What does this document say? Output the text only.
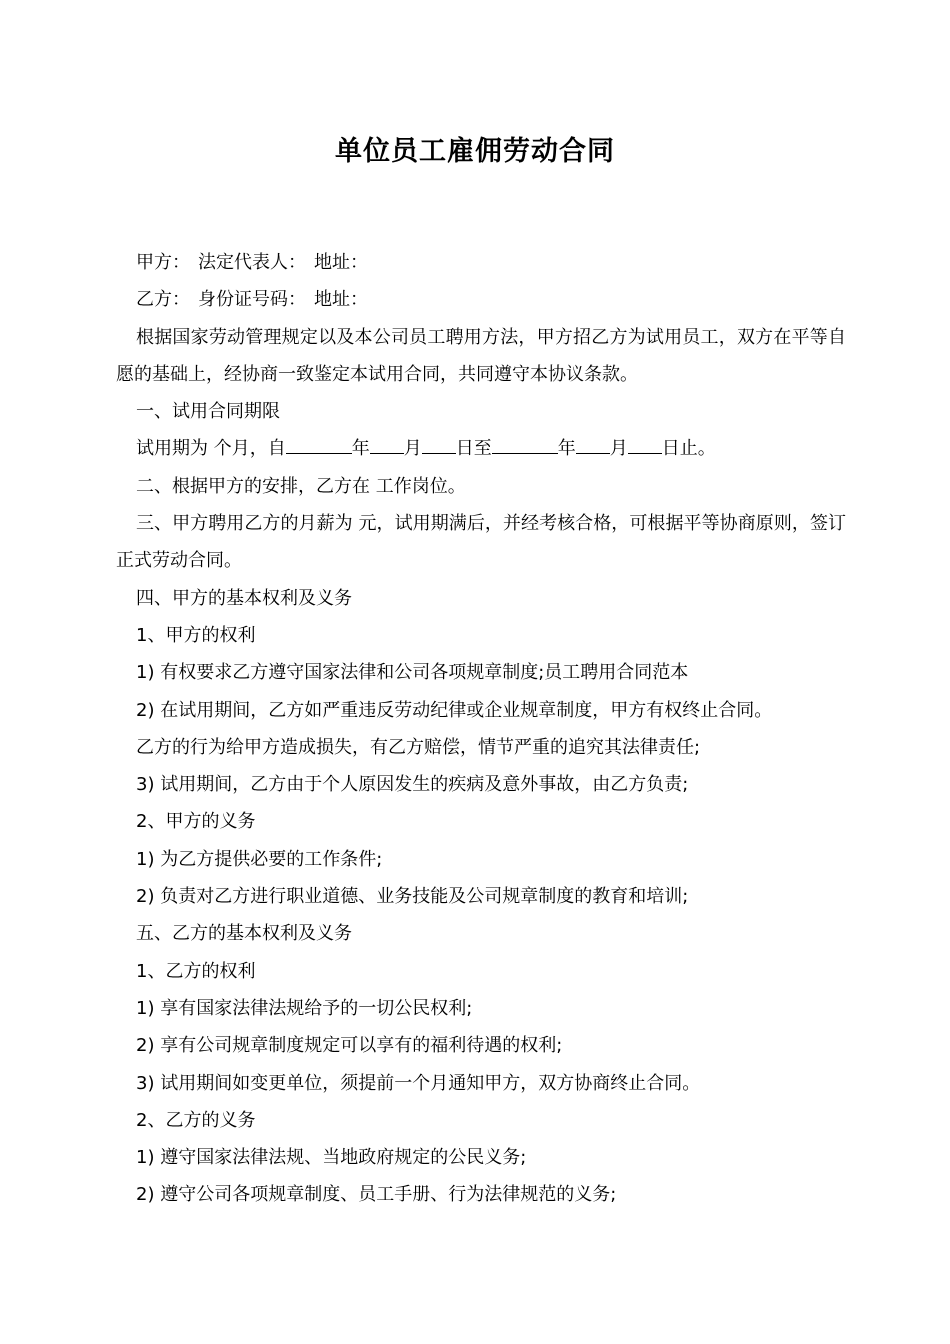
单位员工雇佣劳动合同

甲方： 法定代表人： 地址：

乙方： 身份证号码： 地址：

根据国家劳动管理规定以及本公司员工聘用方法，甲方招乙方为试用员工，双方在平等自愿的基础上，经协商一致鉴定本试用合同，共同遵守本协议条款。

一、试用合同期限

试用期为 个月，自	年 月 日至	年 月 日止。

二、根据甲方的安排，乙方在 工作岗位。

三、甲方聘用乙方的月薪为 元，试用期满后，并经考核合格，可根据平等协商原则，签订正式劳动合同。

四、甲方的基本权利及义务

1、甲方的权利

1) 有权要求乙方遵守国家法律和公司各项规章制度;员工聘用合同范本

2) 在试用期间，乙方如严重违反劳动纪律或企业规章制度，甲方有权终止合同。

乙方的行为给甲方造成损失，有乙方赔偿，情节严重的追究其法律责任;

3) 试用期间，乙方由于个人原因发生的疾病及意外事故，由乙方负责;

2、甲方的义务

1) 为乙方提供必要的工作条件;

2) 负责对乙方进行职业道德、业务技能及公司规章制度的教育和培训;

五、乙方的基本权利及义务

1、乙方的权利

1) 享有国家法律法规给予的一切公民权利;

2) 享有公司规章制度规定可以享有的福利待遇的权利;

3) 试用期间如变更单位，须提前一个月通知甲方，双方协商终止合同。

2、乙方的义务

1) 遵守国家法律法规、当地政府规定的公民义务;

2) 遵守公司各项规章制度、员工手册、行为法律规范的义务;
